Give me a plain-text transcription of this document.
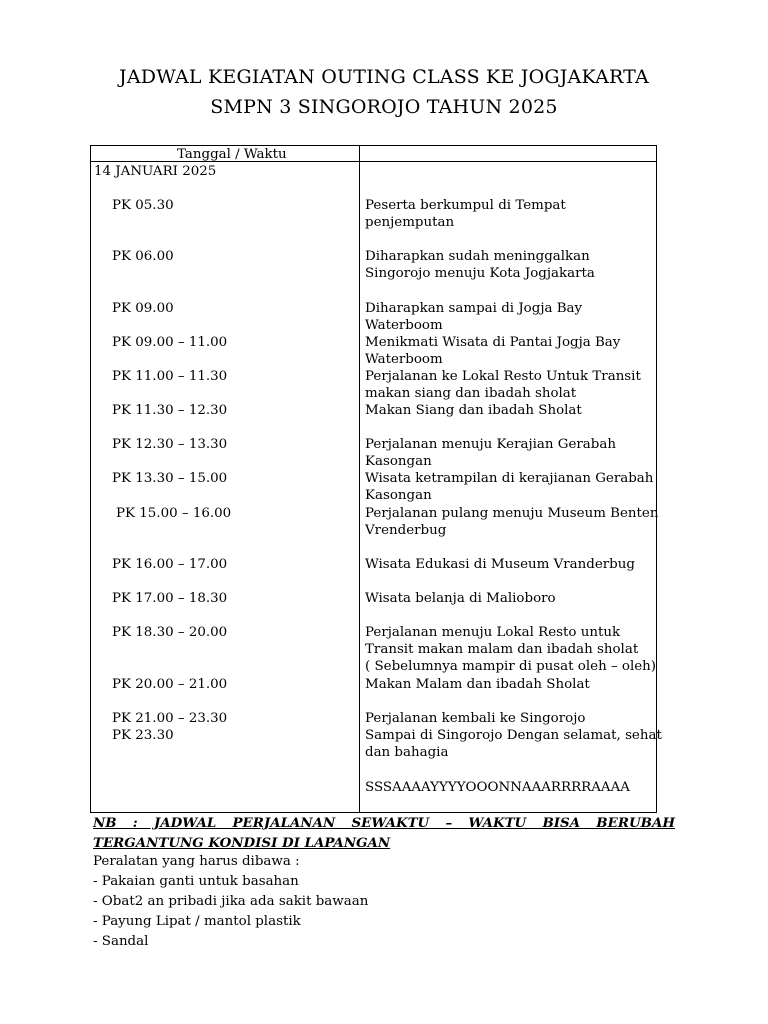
JADWAL KEGIATAN OUTING CLASS KE JOGJAKARTA
SMPN 3 SINGOROJO TAHUN 2025
Tanggal / Waktu
14 JANUARI 2025
PK 05.30
PK 06.00
PK 09.00
PK 09.00 – 11.00
PK 11.00 – 11.30
PK 11.30 – 12.30
PK 12.30 – 13.30
PK 13.30 – 15.00
PK 15.00 – 16.00
PK 16.00 – 17.00
PK 17.00 – 18.30
PK 18.30 – 20.00
PK 20.00 – 21.00
PK 21.00 – 23.30
PK 23.30
Peserta berkumpul di Tempat
penjemputan
Diharapkan sudah meninggalkan
Singorojo menuju Kota Jogjakarta
Diharapkan sampai di Jogja Bay
Waterboom
Menikmati Wisata di Pantai Jogja Bay
Waterboom
Perjalanan ke Lokal Resto Untuk Transit
makan siang dan ibadah sholat
Makan Siang dan ibadah Sholat
Perjalanan menuju Kerajian Gerabah
Kasongan
Wisata ketrampilan di kerajianan Gerabah
Kasongan
Perjalanan pulang menuju Museum Benten
Vrenderbug
Wisata Edukasi di Museum Vranderbug
Wisata belanja di Malioboro
Perjalanan menuju Lokal Resto untuk
Transit makan malam dan ibadah sholat
( Sebelumnya mampir di pusat oleh – oleh)
Makan Malam dan ibadah Sholat
Perjalanan kembali ke Singorojo
Sampai di Singorojo Dengan selamat, sehat
dan bahagia
SSSAAAAYYYYOOONNAAARRRRAAAA
NB : JADWAL PERJALANAN SEWAKTU – WAKTU BISA BERUBAH TERGANTUNG KONDISI DI LAPANGAN
Peralatan yang harus dibawa :
- Pakaian ganti untuk basahan
- Obat2 an pribadi jika ada sakit bawaan
- Payung Lipat / mantol plastik
- Sandal
